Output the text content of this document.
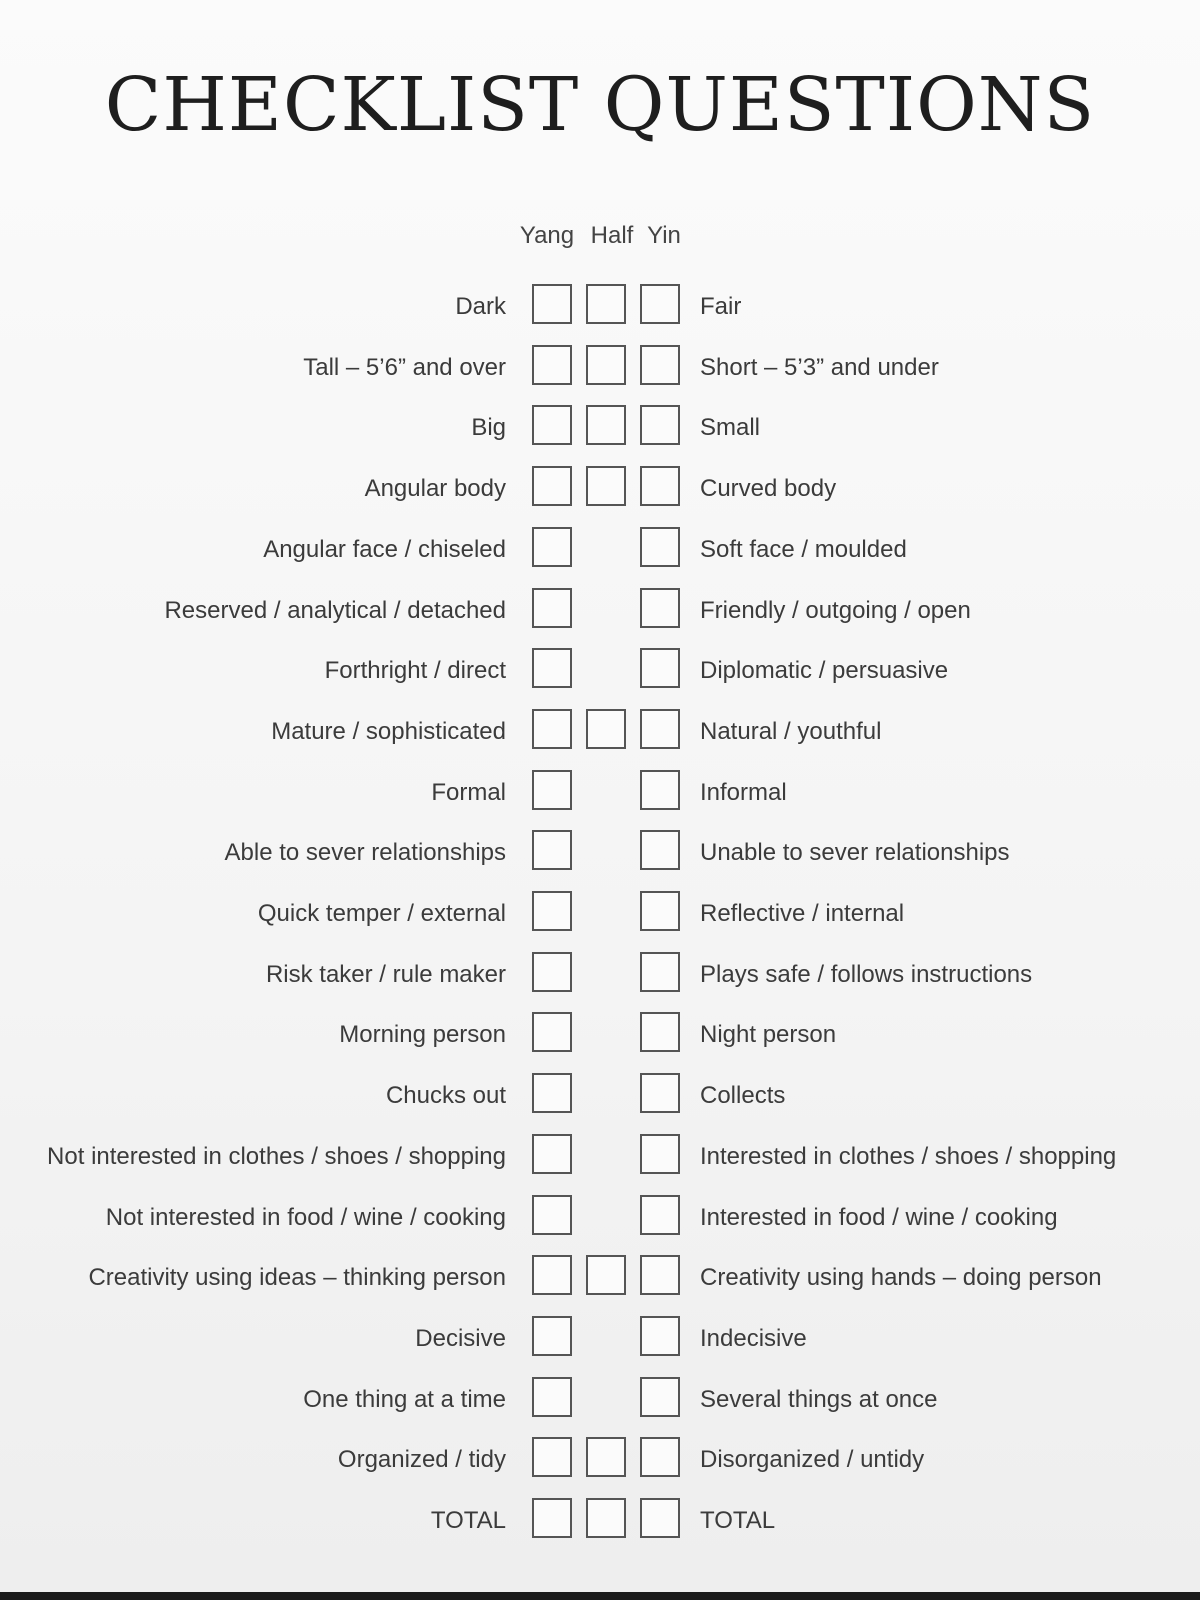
CHECKLIST QUESTIONS
Yang Half Yin
Dark	Fair
Tall – 5’6” and over	Short – 5’3” and under
Big	Small
Angular body	Curved body
Angular face / chiseled	Soft face / moulded
Reserved / analytical / detached	Friendly / outgoing / open
Forthright / direct	Diplomatic / persuasive
Mature / sophisticated	Natural / youthful
Formal	Informal
Able to sever relationships	Unable to sever relationships
Quick temper / external	Reflective / internal
Risk taker / rule maker	Plays safe / follows instructions
Morning person	Night person
Chucks out	Collects
Not interested in clothes / shoes / shopping	Interested in clothes / shoes / shopping
Not interested in food / wine / cooking	Interested in food / wine / cooking
Creativity using ideas – thinking person	Creativity using hands – doing person
Decisive	Indecisive
One thing at a time	Several things at once
Organized / tidy	Disorganized / untidy
TOTAL	TOTAL
